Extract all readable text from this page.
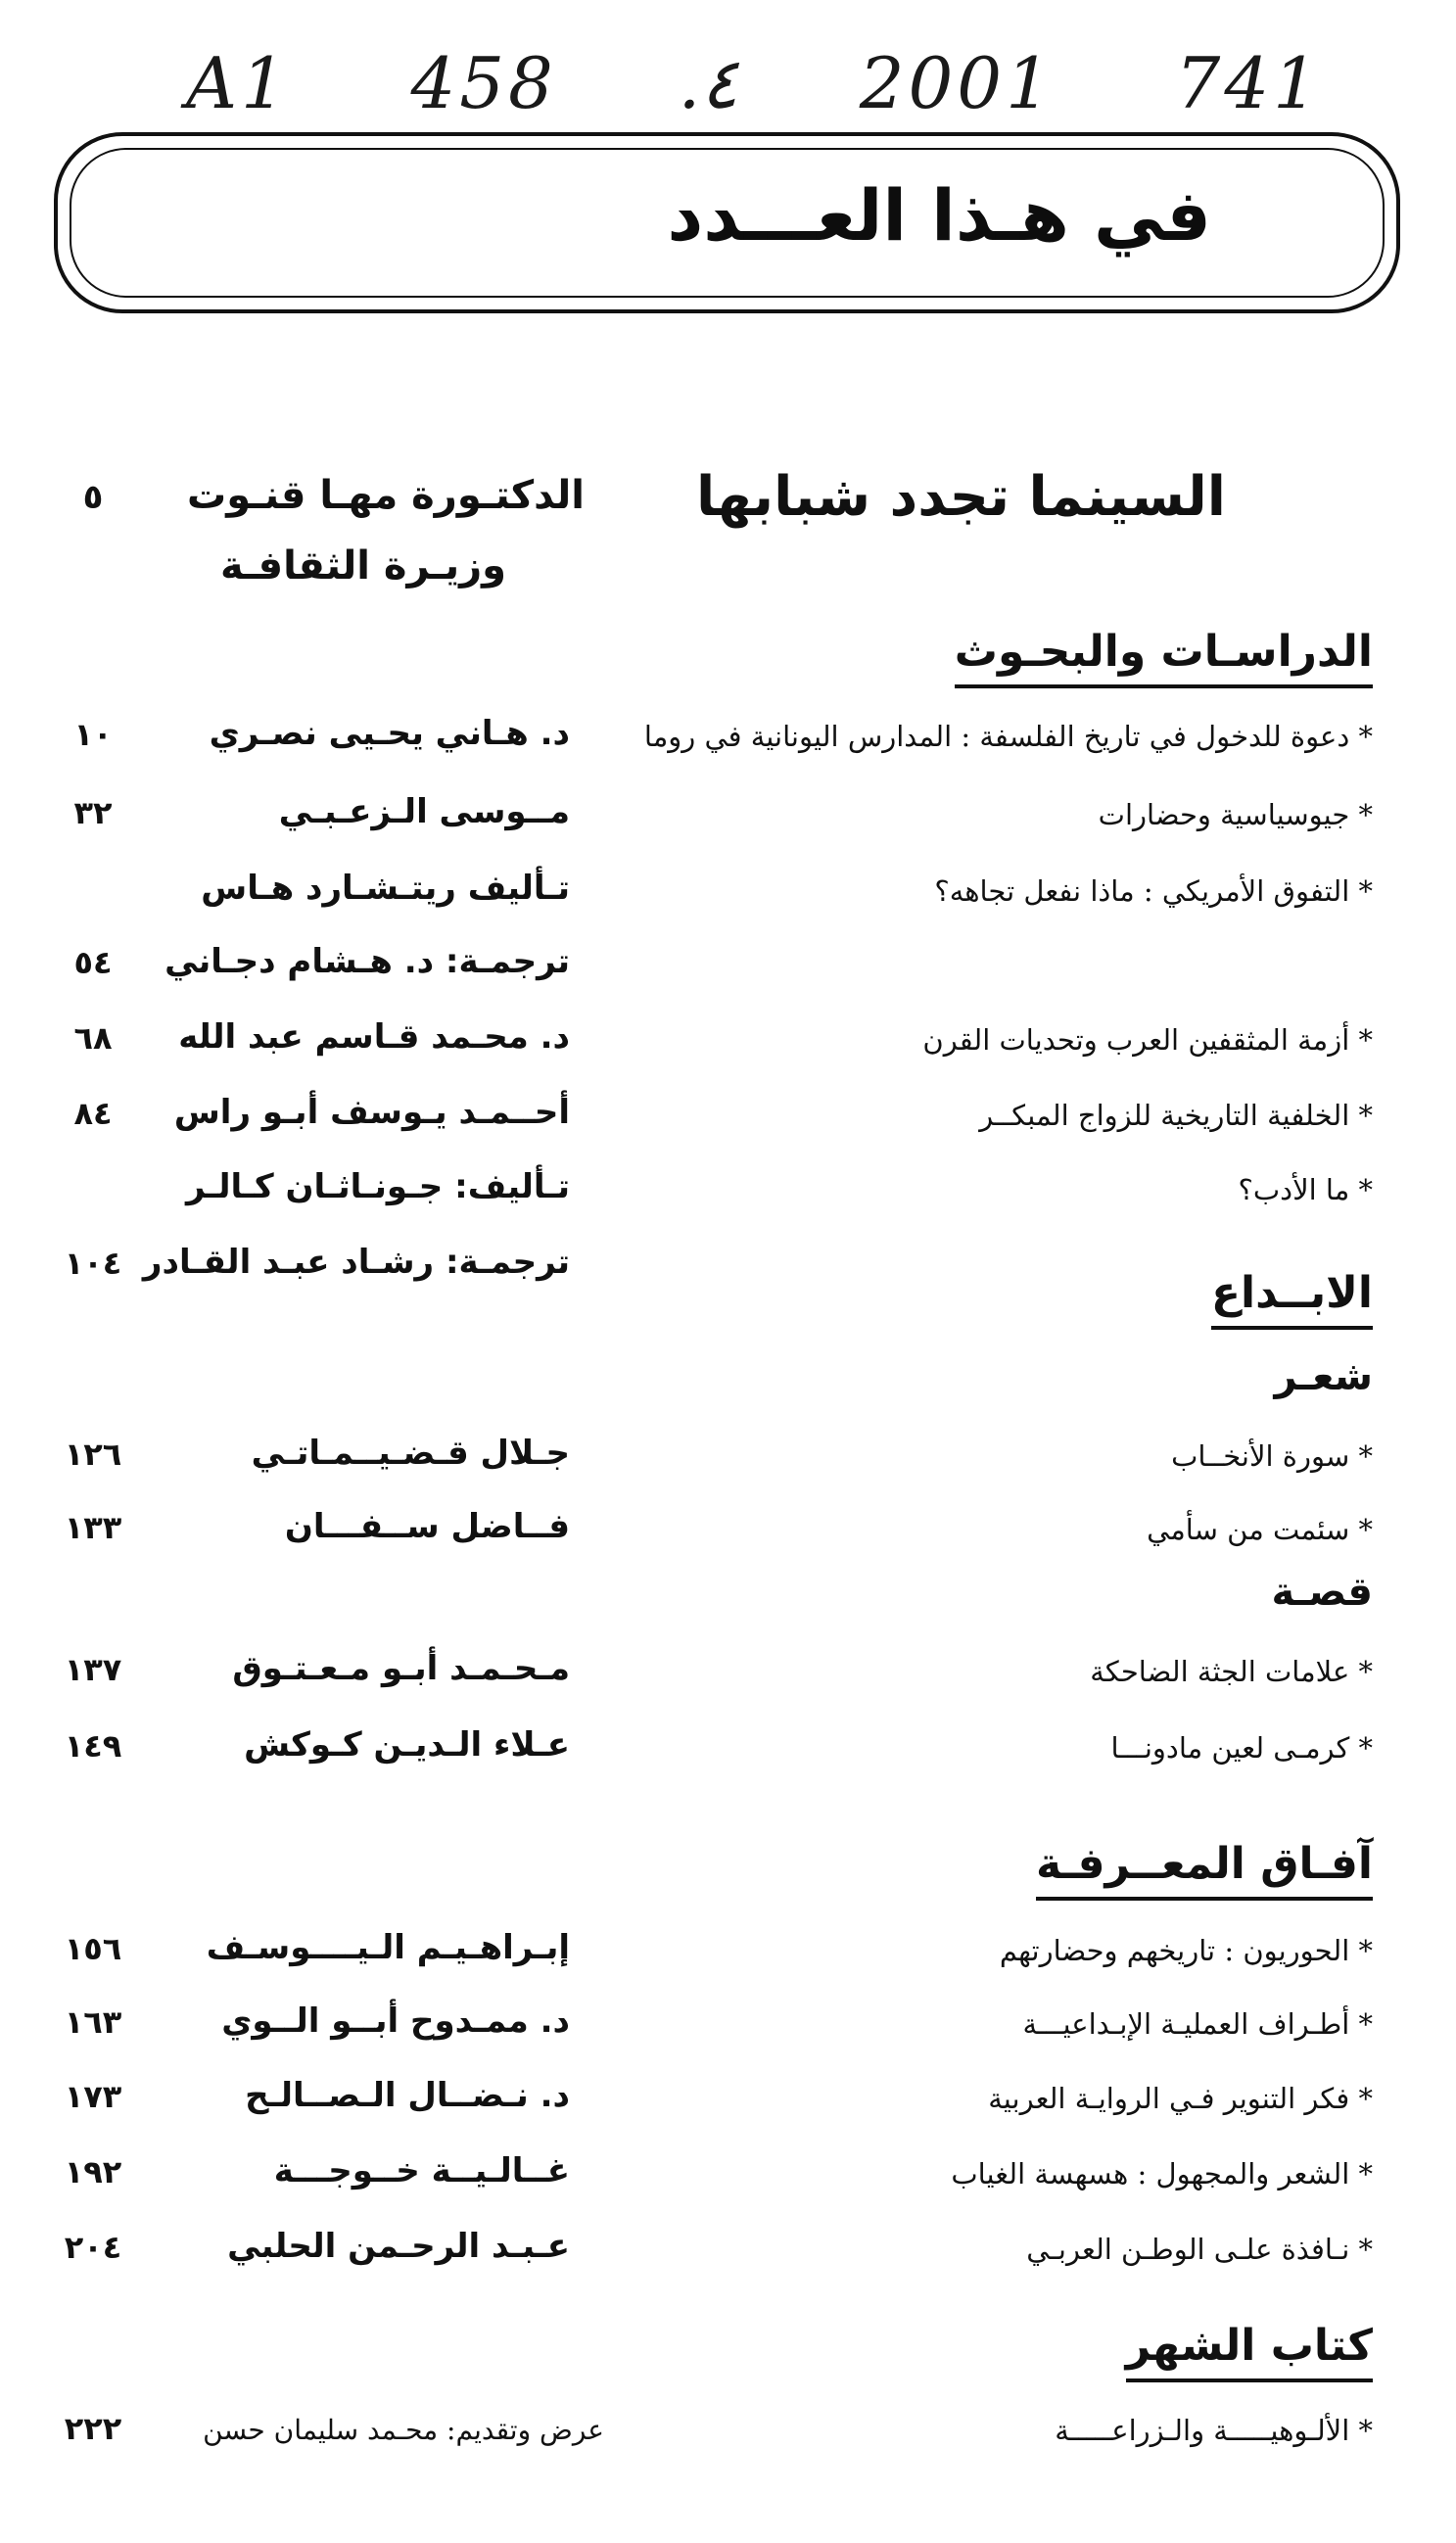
A1 458 .٤ 2001 741
في هـذا العـــدد
السينما تجدد شبابها
الدكتـورة مهـا قنـوت
وزيـرة الثقافـة
٥
الدراسـات والبحـوث
* دعوة للدخول في تاريخ الفلسفة : المدارس اليونانية في روما
د. هـاني يحـيى نصـري
١٠
* جيوسياسية وحضارات
مــوسى الـزعـبـي
٣٢
* التفوق الأمريكي : ماذا نفعل تجاهه؟
تـأليف ريتـشـارد هـاس
ترجمـة: د. هـشام دجـاني
٥٤
* أزمة المثقفين العرب وتحديات القرن
د. محـمد قـاسم عبد الله
٦٨
* الخلفية التاريخية للزواج المبكــر
أحــمـد يـوسف أبـو راس
٨٤
* ما الأدب؟
تـأليف: جـونـاثـان كـالـر
ترجمـة: رشـاد عبـد القـادر
١٠٤
الابــداع
شعـر
* سورة الأنخــاب
جـلال قـضـيــمـاتـي
١٢٦
* سئمت من سأمي
فــاضل ســفـــان
١٣٣
قصـة
* علامات الجثة الضاحكة
مـحـمـد أبـو مـعـتـوق
١٣٧
* كرمـى لعين مادونـــا
عـلاء الـديـن كـوكش
١٤٩
آفـاق المعــرفـة
* الحوريون : تاريخهم وحضارتهم
إبـراهـيـم الـيــــوسـف
١٥٦
* أطـراف العمليـة الإبـداعيـــة
د. ممـدوح أبــو الــوي
١٦٣
* فكر التنوير فـي الروايـة العربية
د. نـضــال الـصــالـح
١٧٣
* الشعر والمجهول : هسهسة الغياب
غــالـيــة خــوجـــة
١٩٢
* نـافذة علـى الوطـن العربـي
عـبـد الرحـمن الحلبي
٢٠٤
كتاب الشهر
* الألـوهيـــــة والـزراعـــــة
عرض وتقديم: محـمد سليمان حسن
٢٢٢
